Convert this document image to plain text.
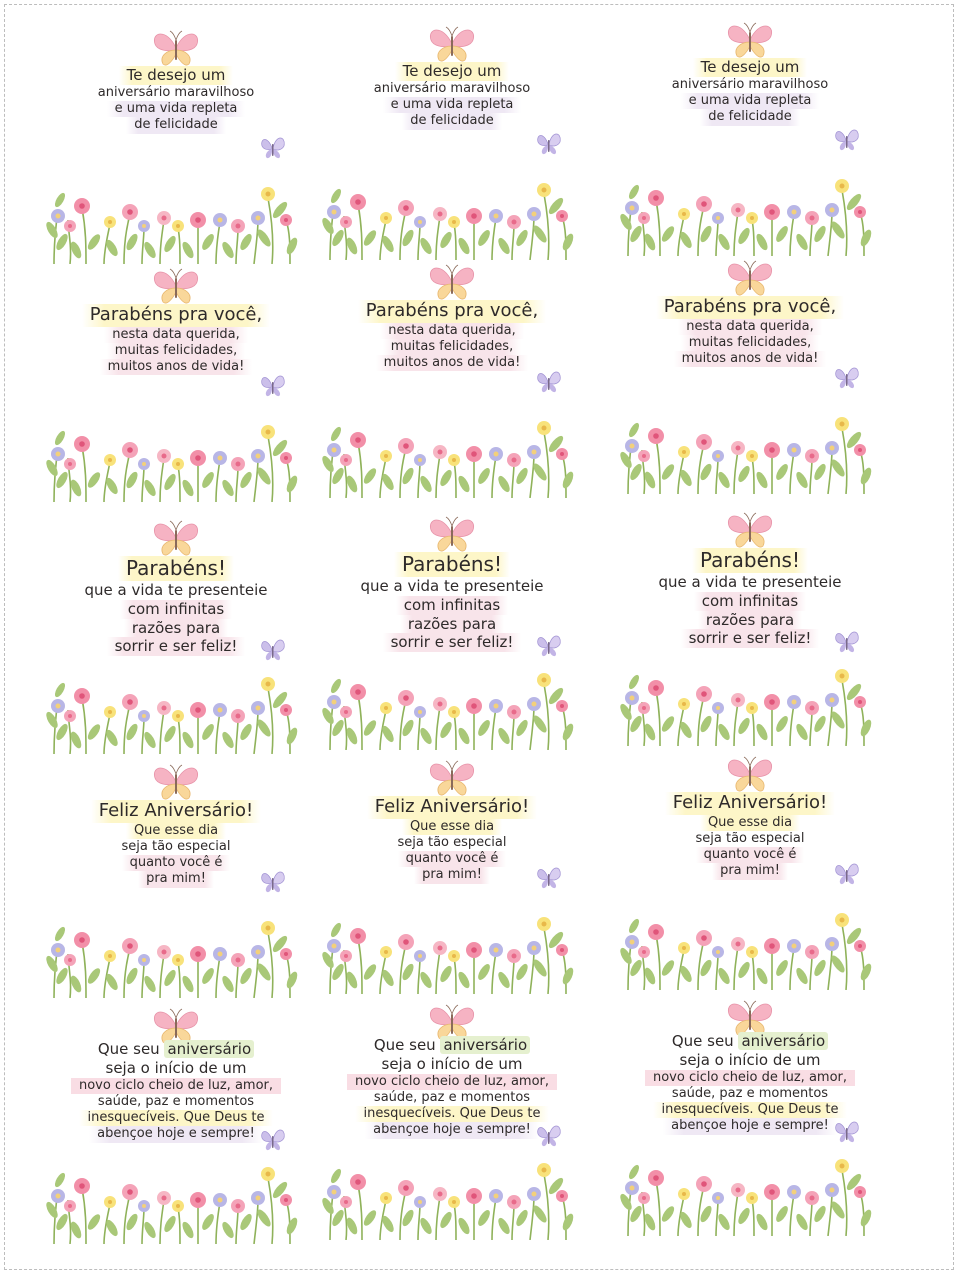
Te desejo um
aniversário maravilhoso
e uma vida repleta
de felicidade
Te desejo um
aniversário maravilhoso
e uma vida repleta
de felicidade
Te desejo um
aniversário maravilhoso
e uma vida repleta
de felicidade
Parabéns pra você,
nesta data querida,
muitas felicidades,
muitos anos de vida!
Parabéns pra você,
nesta data querida,
muitas felicidades,
muitos anos de vida!
Parabéns pra você,
nesta data querida,
muitas felicidades,
muitos anos de vida!
Parabéns!
que a vida te presenteie
com infinitas
razões para
sorrir e ser feliz!
Parabéns!
que a vida te presenteie
com infinitas
razões para
sorrir e ser feliz!
Parabéns!
que a vida te presenteie
com infinitas
razões para
sorrir e ser feliz!
Feliz Aniversário!
Que esse dia
seja tão especial
quanto você é
pra mim!
Feliz Aniversário!
Que esse dia
seja tão especial
quanto você é
pra mim!
Feliz Aniversário!
Que esse dia
seja tão especial
quanto você é
pra mim!
Que seu aniversário
seja o início de um
novo ciclo cheio de luz, amor,
saúde, paz e momentos
inesquecíveis. Que Deus te
abençoe hoje e sempre!
Que seu aniversário
seja o início de um
novo ciclo cheio de luz, amor,
saúde, paz e momentos
inesquecíveis. Que Deus te
abençoe hoje e sempre!
Que seu aniversário
seja o início de um
novo ciclo cheio de luz, amor,
saúde, paz e momentos
inesquecíveis. Que Deus te
abençoe hoje e sempre!
